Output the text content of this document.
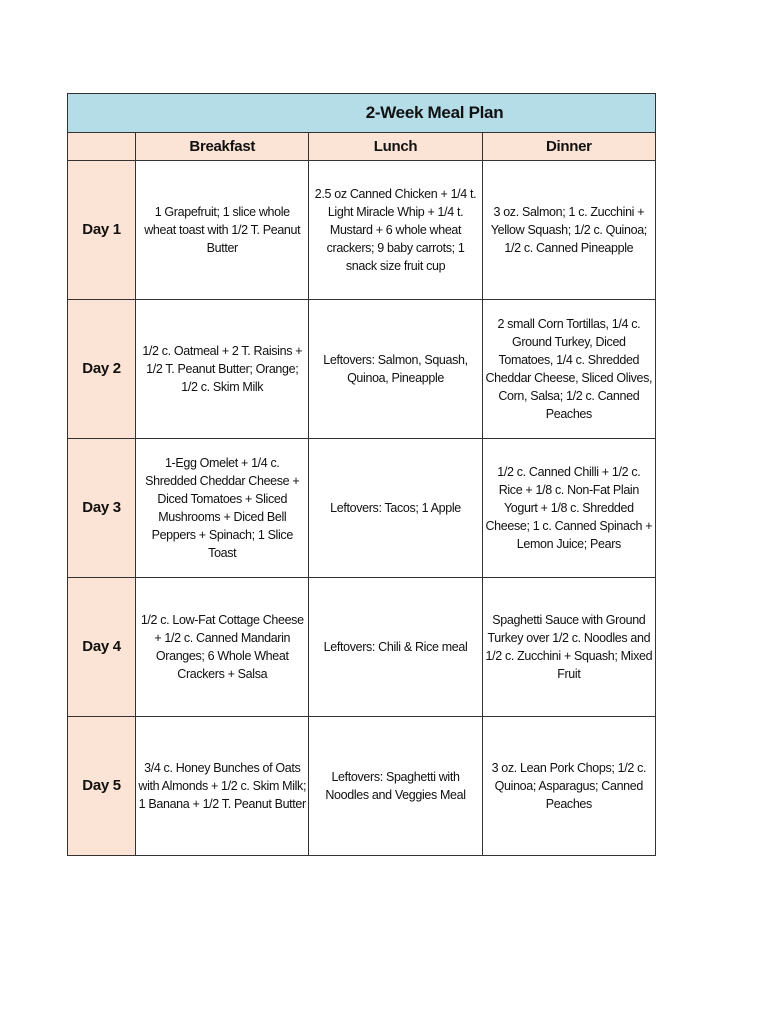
2-Week Meal Plan			

	Breakfast	Lunch	Dinner
Day 1	1 Grapefruit; 1 slice whole wheat toast with 1/2 T. Peanut Butter	2.5 oz Canned Chicken + 1/4 t. Light Miracle Whip + 1/4 t. Mustard + 6 whole wheat crackers; 9 baby carrots; 1 snack size fruit cup	3 oz. Salmon; 1 c. Zucchini + Yellow Squash; 1/2 c. Quinoa; 1/2 c. Canned Pineapple
Day 2	1/2 c. Oatmeal + 2 T. Raisins + 1/2 T. Peanut Butter; Orange; 1/2 c. Skim Milk	Leftovers: Salmon, Squash, Quinoa, Pineapple	2 small Corn Tortillas, 1/4 c. Ground Turkey, Diced Tomatoes, 1/4 c. Shredded Cheddar Cheese, Sliced Olives, Corn, Salsa; 1/2 c. Canned Peaches
Day 3	1-Egg Omelet + 1/4 c. Shredded Cheddar Cheese + Diced Tomatoes + Sliced Mushrooms + Diced Bell Peppers + Spinach; 1 Slice Toast	Leftovers: Tacos; 1 Apple	1/2 c. Canned Chilli + 1/2 c. Rice + 1/8 c. Non-Fat Plain Yogurt + 1/8 c. Shredded Cheese; 1 c. Canned Spinach + Lemon Juice; Pears
Day 4	1/2 c. Low-Fat Cottage Cheese + 1/2 c. Canned Mandarin Oranges; 6 Whole Wheat Crackers + Salsa	Leftovers: Chili & Rice meal	Spaghetti Sauce with Ground Turkey over 1/2 c. Noodles and 1/2 c. Zucchini + Squash; Mixed Fruit
Day 5	3/4 c. Honey Bunches of Oats with Almonds + 1/2 c. Skim Milk; 1 Banana + 1/2 T. Peanut Butter	Leftovers: Spaghetti with Noodles and Veggies Meal	3 oz. Lean Pork Chops; 1/2 c. Quinoa; Asparagus; Canned Peaches
